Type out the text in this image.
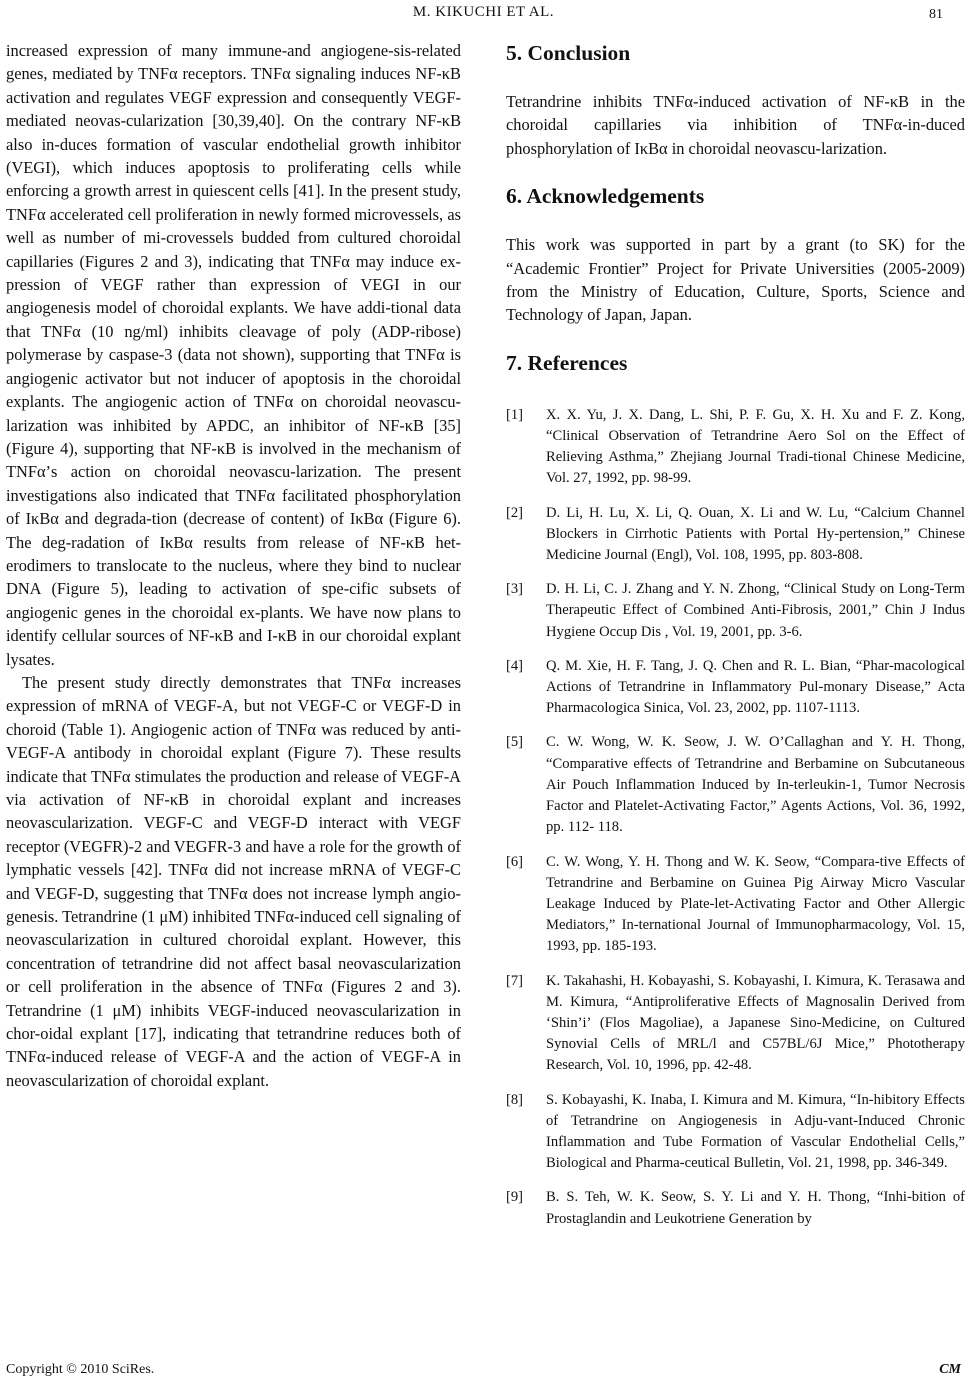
M. KIKUCHI ET AL.	81

increased expression of many immune-and angiogene-sis-related genes, mediated by TNFα receptors. TNFα signaling induces NF-κB activation and regulates VEGF expression and consequently VEGF- mediated neovas-cularization [30,39,40]. On the contrary NF-κB also in-duces formation of vascular endothelial growth inhibitor (VEGI), which induces apoptosis to proliferating cells while enforcing a growth arrest in quiescent cells [41]. In the present study, TNFα accelerated cell proliferation in newly formed microvessels, as well as number of mi-crovessels budded from cultured choroidal capillaries (Figures 2 and 3), indicating that TNFα may induce ex-pression of VEGF rather than expression of VEGI in our angiogenesis model of choroidal explants. We have addi-tional data that TNFα (10 ng/ml) inhibits cleavage of poly (ADP-ribose) polymerase by caspase-3 (data not shown), supporting that TNFα is angiogenic activator but not inducer of apoptosis in the choroidal explants. The angiogenic action of TNFα on choroidal neovascu-larization was inhibited by APDC, an inhibitor of NF-κB [35] (Figure 4), supporting that NF-κB is involved in the mechanism of TNFα’s action on choroidal neovascu-larization. The present investigations also indicated that TNFα facilitated phosphorylation of IκBα and degrada-tion (decrease of content) of IκBα (Figure 6). The deg-radation of IκBα results from release of NF-κB het-erodimers to translocate to the nucleus, where they bind to nuclear DNA (Figure 5), leading to activation of spe-cific subsets of angiogenic genes in the choroidal ex-plants. We have now plans to identify cellular sources of NF-κB and I-κB in our choroidal explant lysates.

The present study directly demonstrates that TNFα increases expression of mRNA of VEGF-A, but not VEGF-C or VEGF-D in choroid (Table 1). Angiogenic action of TNFα was reduced by anti-VEGF-A antibody in choroidal explant (Figure 7). These results indicate that TNFα stimulates the production and release of VEGF-A via activation of NF-κB in choroidal explant and increases neovascularization. VEGF-C and VEGF-D interact with VEGF receptor (VEGFR)-2 and VEGFR-3 and have a role for the growth of lymphatic vessels [42]. TNFα did not increase mRNA of VEGF-C and VEGF-D, suggesting that TNFα does not increase lymph angio-genesis. Tetrandrine (1 μM) inhibited TNFα-induced cell signaling of neovascularization in cultured choroidal explant. However, this concentration of tetrandrine did not affect basal neovascularization or cell proliferation in the absence of TNFα (Figures 2 and 3). Tetrandrine (1 μM) inhibits VEGF-induced neovascularization in chor-oidal explant [17], indicating that tetrandrine reduces both of TNFα-induced release of VEGF-A and the action of VEGF-A in neovascularization of choroidal explant.

5. Conclusion

Tetrandrine inhibits TNFα-induced activation of NF-κB in the choroidal capillaries via inhibition of TNFα-in-duced phosphorylation of IκBα in choroidal neovascu-larization.

6. Acknowledgements

This work was supported in part by a grant (to SK) for the “Academic Frontier” Project for Private Universities (2005-2009) from the Ministry of Education, Culture, Sports, Science and Technology of Japan, Japan.

7. References
[1]	X. X. Yu, J. X. Dang, L. Shi, P. F. Gu, X. H. Xu and F. Z. Kong, “Clinical Observation of Tetrandrine Aero Sol on the Effect of Relieving Asthma,” Zhejiang Journal Tradi-tional Chinese Medicine, Vol. 27, 1992, pp. 98-99.
[2]	D. Li, H. Lu, X. Li, Q. Ouan, X. Li and W. Lu, “Calcium Channel Blockers in Cirrhotic Patients with Portal Hy-pertension,” Chinese Medicine Journal (Engl), Vol. 108, 1995, pp. 803-808.
[3]	D. H. Li, C. J. Zhang and Y. N. Zhong, “Clinical Study on Long-Term Therapeutic Effect of Combined Anti-Fibrosis, 2001,” Chin J Indus Hygiene Occup Dis , Vol. 19, 2001, pp. 3-6.
[4]	Q. M. Xie, H. F. Tang, J. Q. Chen and R. L. Bian, “Phar-macological Actions of Tetrandrine in Inflammatory Pul-monary Disease,” Acta Pharmacologica Sinica, Vol. 23, 2002, pp. 1107-1113.
[5]	C. W. Wong, W. K. Seow, J. W. O’Callaghan and Y. H. Thong, “Comparative effects of Tetrandrine and Berbamine on Subcutaneous Air Pouch Inflammation Induced by In-terleukin-1, Tumor Necrosis Factor and Platelet-Activating Factor,” Agents Actions, Vol. 36, 1992, pp. 112- 118.
[6]	C. W. Wong, Y. H. Thong and W. K. Seow, “Compara-tive Effects of Tetrandrine and Berbamine on Guinea Pig Airway Micro Vascular Leakage Induced by Plate-let-Activating Factor and Other Allergic Mediators,” In-ternational Journal of Immunopharmacology, Vol. 15, 1993, pp. 185-193.
[7]	K. Takahashi, H. Kobayashi, S. Kobayashi, I. Kimura, K. Terasawa and M. Kimura, “Antiproliferative Effects of Magnosalin Derived from ‘Shin’i’ (Flos Magoliae), a Japanese Sino-Medicine, on Cultured Synovial Cells of MRL/l and C57BL/6J Mice,” Phototherapy Research, Vol. 10, 1996, pp. 42-48.
[8]	S. Kobayashi, K. Inaba, I. Kimura and M. Kimura, “In-hibitory Effects of Tetrandrine on Angiogenesis in Adju-vant-Induced Chronic Inflammation and Tube Formation of Vascular Endothelial Cells,” Biological and Pharma-ceutical Bulletin, Vol. 21, 1998, pp. 346-349.
[9]	B. S. Teh, W. K. Seow, S. Y. Li and Y. H. Thong, “Inhi-bition of Prostaglandin and Leukotriene Generation by
Copyright © 2010 SciRes.	CM
